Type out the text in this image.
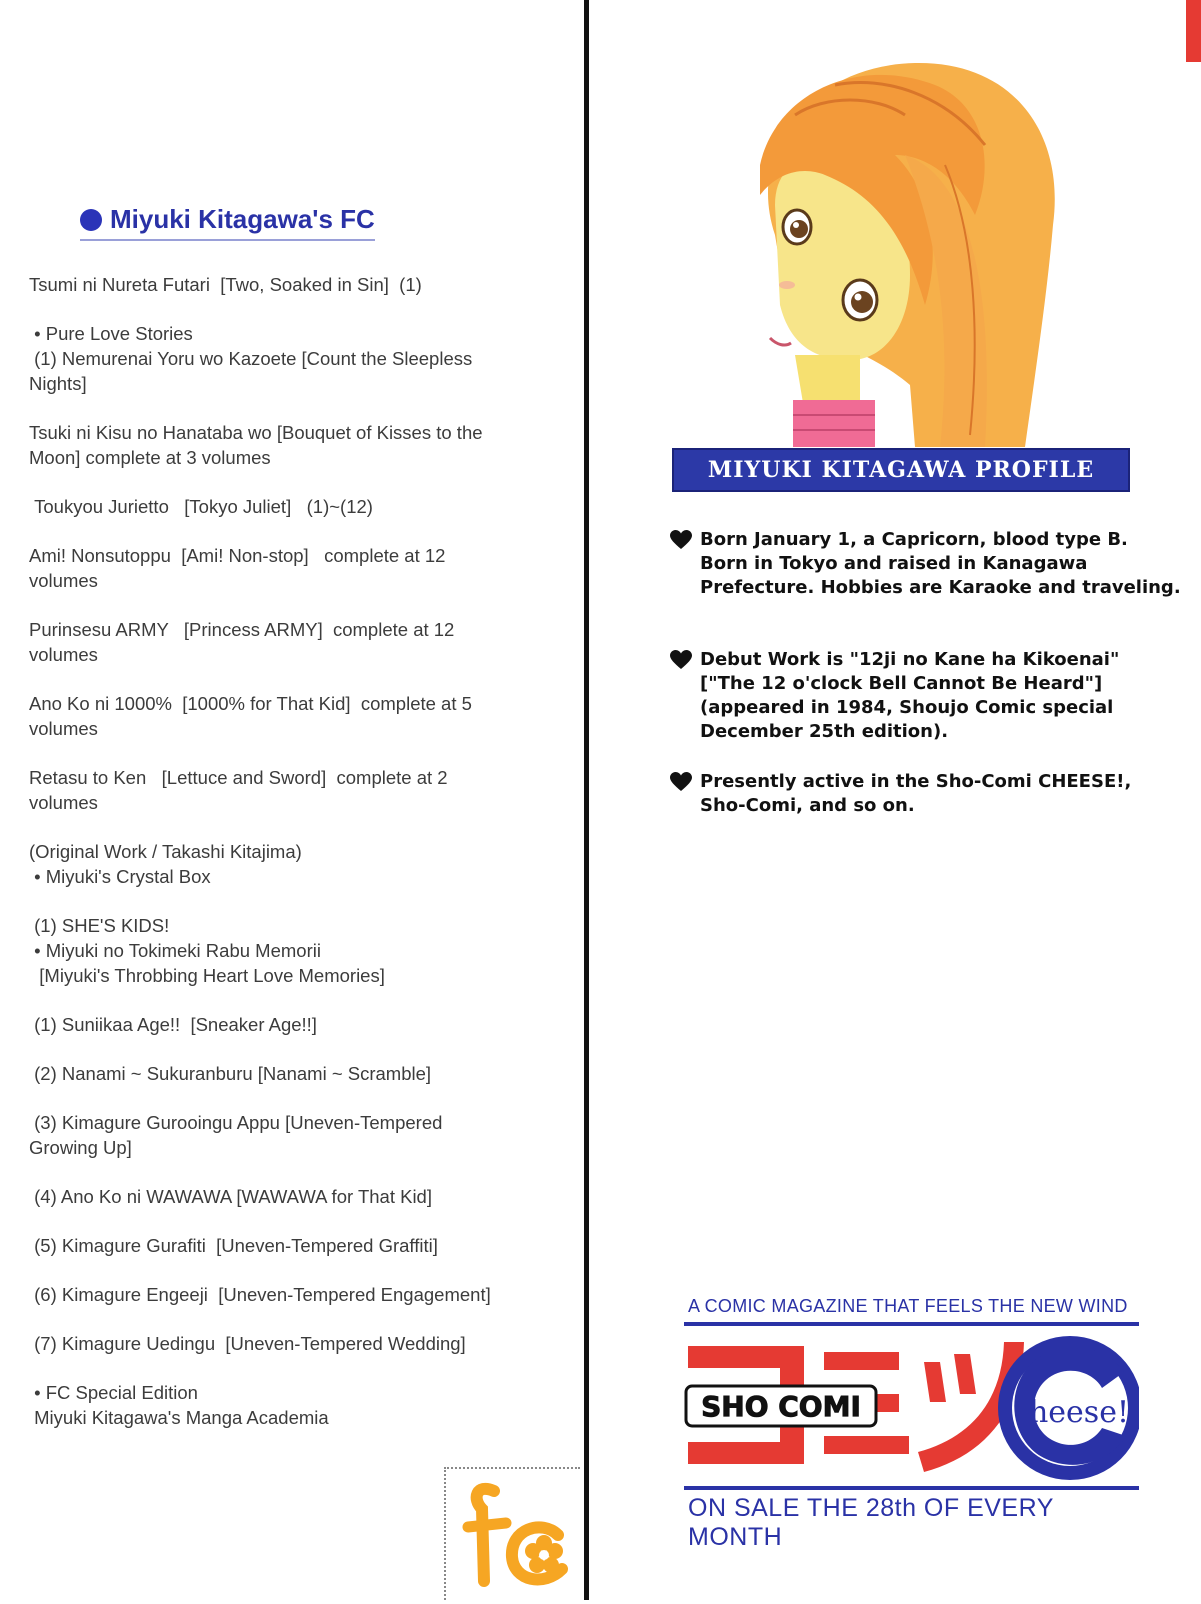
Miyuki Kitagawa's FC
Tsumi ni Nureta Futari  [Two, Soaked in Sin]  (1)
• Pure Love Stories
(1) Nemurenai Yoru wo Kazoete [Count the Sleepless
Nights]
Tsuki ni Kisu no Hanataba wo [Bouquet of Kisses to the
Moon] complete at 3 volumes
Toukyou Jurietto   [Tokyo Juliet]   (1)~(12)
Ami! Nonsutoppu  [Ami! Non-stop]   complete at 12
volumes
Purinsesu ARMY   [Princess ARMY]  complete at 12
volumes
Ano Ko ni 1000%  [1000% for That Kid]  complete at 5
volumes
Retasu to Ken   [Lettuce and Sword]  complete at 2
volumes
(Original Work / Takashi Kitajima)
• Miyuki's Crystal Box
(1) SHE'S KIDS!
• Miyuki no Tokimeki Rabu Memorii
[Miyuki's Throbbing Heart Love Memories]
(1) Suniikaa Age!!  [Sneaker Age!!]
(2) Nanami ~ Sukuranburu [Nanami ~ Scramble]
(3) Kimagure Gurooingu Appu [Uneven-Tempered
Growing Up]
(4) Ano Ko ni WAWAWA [WAWAWA for That Kid]
(5) Kimagure Gurafiti  [Uneven-Tempered Graffiti]
(6) Kimagure Engeeji  [Uneven-Tempered Engagement]
(7) Kimagure Uedingu  [Uneven-Tempered Wedding]
• FC Special Edition
Miyuki Kitagawa's Manga Academia
MIYUKI KITAGAWA PROFILE
Born January 1, a Capricorn, blood type B.
Born in Tokyo and raised in Kanagawa
Prefecture. Hobbies are Karaoke and traveling.
Debut Work is "12ji no Kane ha Kikoenai"
["The 12 o'clock Bell Cannot Be Heard"]
(appeared in 1984, Shoujo Comic special
December 25th edition).
Presently active in the Sho-Comi CHEESE!,
Sho-Comi, and so on.
A COMIC MAGAZINE THAT FEELS THE NEW WIND
SHO COMI	heese!
ON SALE THE 28th OF EVERY MONTH
